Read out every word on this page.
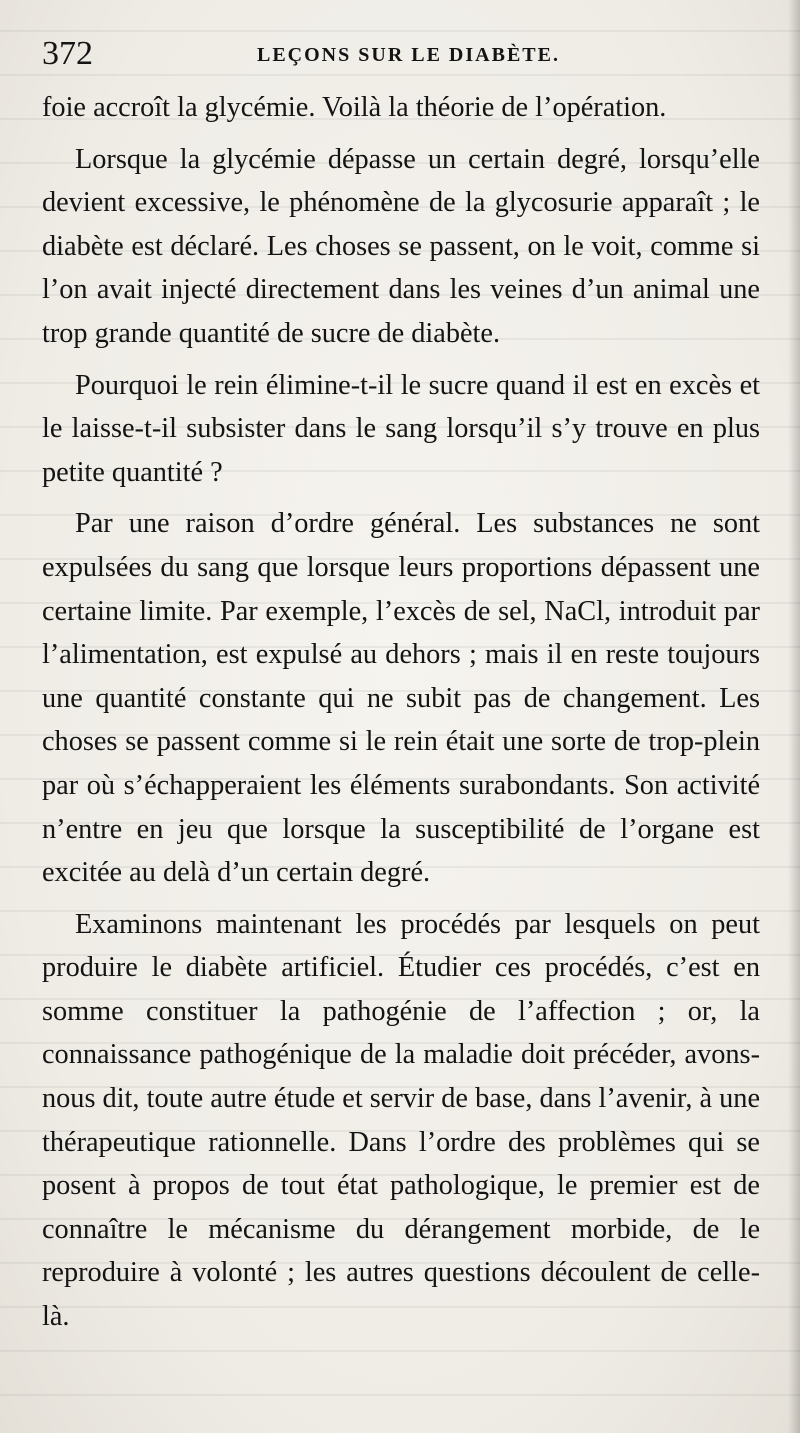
372	LEÇONS SUR LE DIABÈTE.

foie accroît la glycémie. Voilà la théorie de l’opération.

Lorsque la glycémie dépasse un certain degré, lorsqu’elle devient excessive, le phénomène de la glycosurie apparaît ; le diabète est déclaré. Les choses se passent, on le voit, comme si l’on avait injecté directement dans les veines d’un animal une trop grande quantité de sucre de diabète.

Pourquoi le rein élimine-t-il le sucre quand il est en excès et le laisse-t-il subsister dans le sang lorsqu’il s’y trouve en plus petite quantité ?

Par une raison d’ordre général. Les substances ne sont expulsées du sang que lorsque leurs proportions dépassent une certaine limite. Par exemple, l’excès de sel, NaCl, introduit par l’alimentation, est expulsé au dehors ; mais il en reste toujours une quantité constante qui ne subit pas de changement. Les choses se passent comme si le rein était une sorte de trop-plein par où s’échapperaient les éléments surabondants. Son activité n’entre en jeu que lorsque la susceptibilité de l’organe est excitée au delà d’un certain degré.

Examinons maintenant les procédés par lesquels on peut produire le diabète artificiel. Étudier ces procédés, c’est en somme constituer la pathogénie de l’affection ; or, la connaissance pathogénique de la maladie doit précéder, avons-nous dit, toute autre étude et servir de base, dans l’avenir, à une thérapeutique rationnelle. Dans l’ordre des problèmes qui se posent à propos de tout état pathologique, le premier est de connaître le mécanisme du dérangement morbide, de le reproduire à volonté ; les autres questions découlent de celle-là.
